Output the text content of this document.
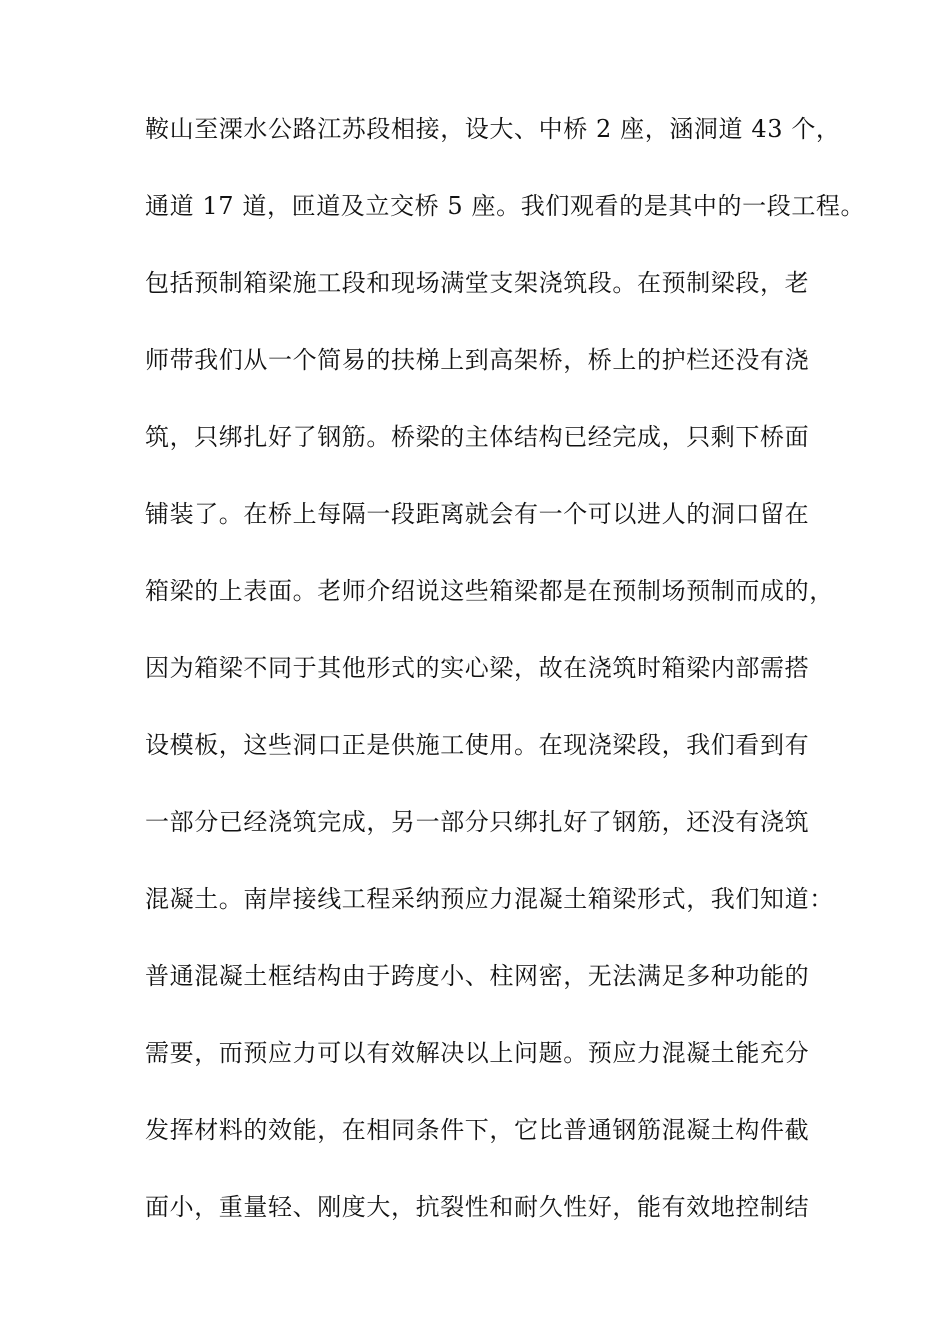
鞍山至溧水公路江苏段相接，设大、中桥 2 座，涵洞道 43 个，
通道 17 道，匝道及立交桥 5 座。我们观看的是其中的一段工程。
包括预制箱梁施工段和现场满堂支架浇筑段。在预制梁段，老
师带我们从一个简易的扶梯上到高架桥，桥上的护栏还没有浇
筑，只绑扎好了钢筋。桥梁的主体结构已经完成，只剩下桥面
铺装了。在桥上每隔一段距离就会有一个可以进人的洞口留在
箱梁的上表面。老师介绍说这些箱梁都是在预制场预制而成的，
因为箱梁不同于其他形式的实心梁，故在浇筑时箱梁内部需搭
设模板，这些洞口正是供施工使用。在现浇梁段，我们看到有
一部分已经浇筑完成，另一部分只绑扎好了钢筋，还没有浇筑
混凝土。南岸接线工程采纳预应力混凝土箱梁形式，我们知道：
普通混凝土框结构由于跨度小、柱网密，无法满足多种功能的
需要，而预应力可以有效解决以上问题。预应力混凝土能充分
发挥材料的效能，在相同条件下，它比普通钢筋混凝土构件截
面小，重量轻、刚度大，抗裂性和耐久性好，能有效地控制结
